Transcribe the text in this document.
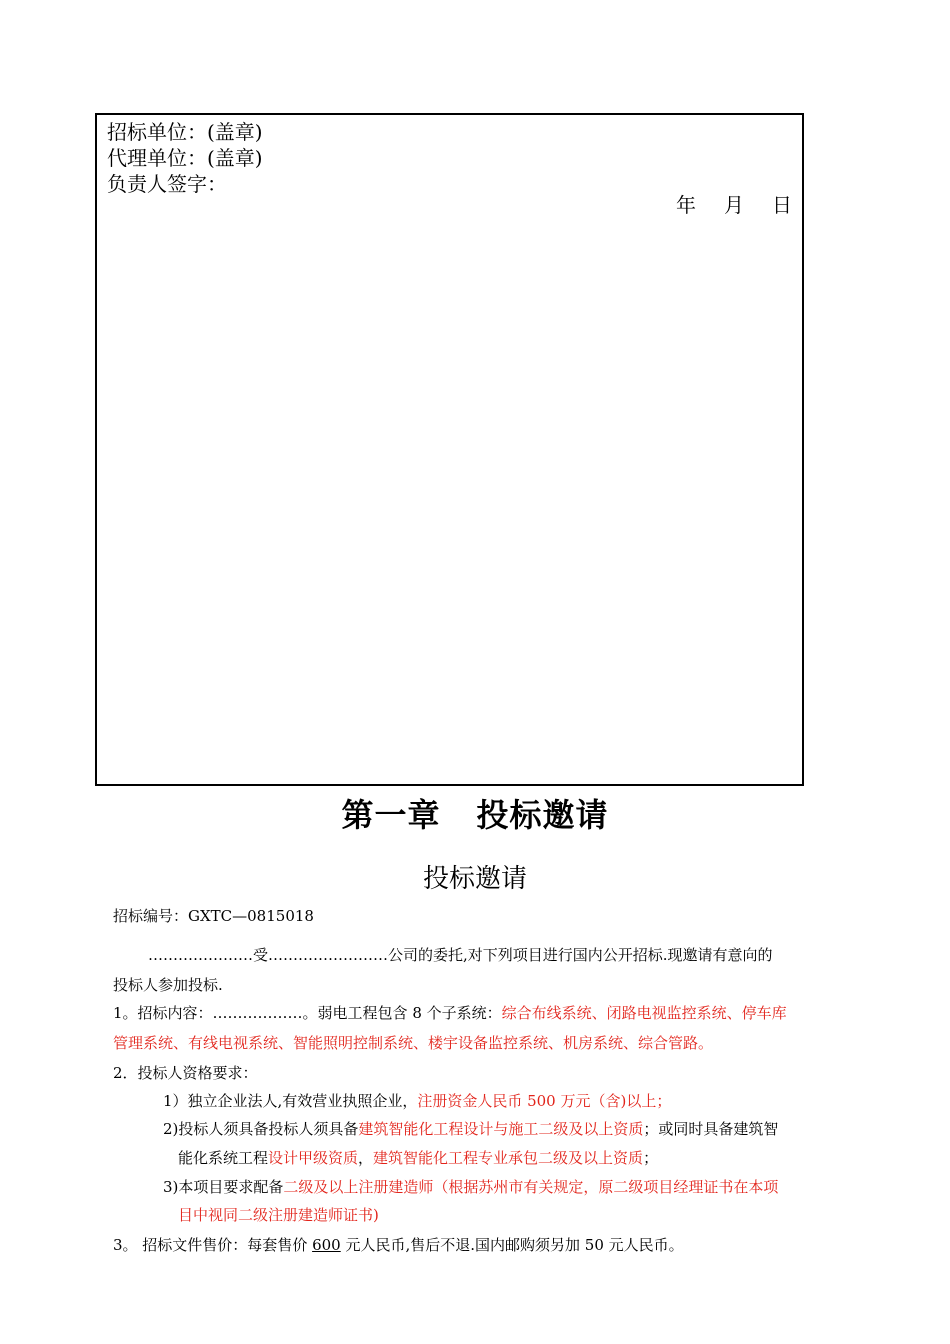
招标单位：(盖章)
代理单位：(盖章)
负责人签字：
年 月 日
第一章 投标邀请
投标邀请
招标编号：GXTC—0815018
…………………受……………………公司的委托,对下列项目进行国内公开招标.现邀请有意向的
投标人参加投标.
1。招标内容：………………。弱电工程包含 8 个子系统：综合布线系统、闭路电视监控系统、停车库
管理系统、有线电视系统、智能照明控制系统、楼宇设备监控系统、机房系统、综合管路。
2．投标人资格要求：
1）独立企业法人,有效营业执照企业，注册资金人民币 500 万元（含)以上；
2)投标人须具备投标人须具备建筑智能化工程设计与施工二级及以上资质；或同时具备建筑智
能化系统工程设计甲级资质，建筑智能化工程专业承包二级及以上资质；
3)本项目要求配备二级及以上注册建造师（根据苏州市有关规定，原二级项目经理证书在本项
目中视同二级注册建造师证书)
3。 招标文件售价：每套售价 600 元人民币,售后不退.国内邮购须另加 50 元人民币。
